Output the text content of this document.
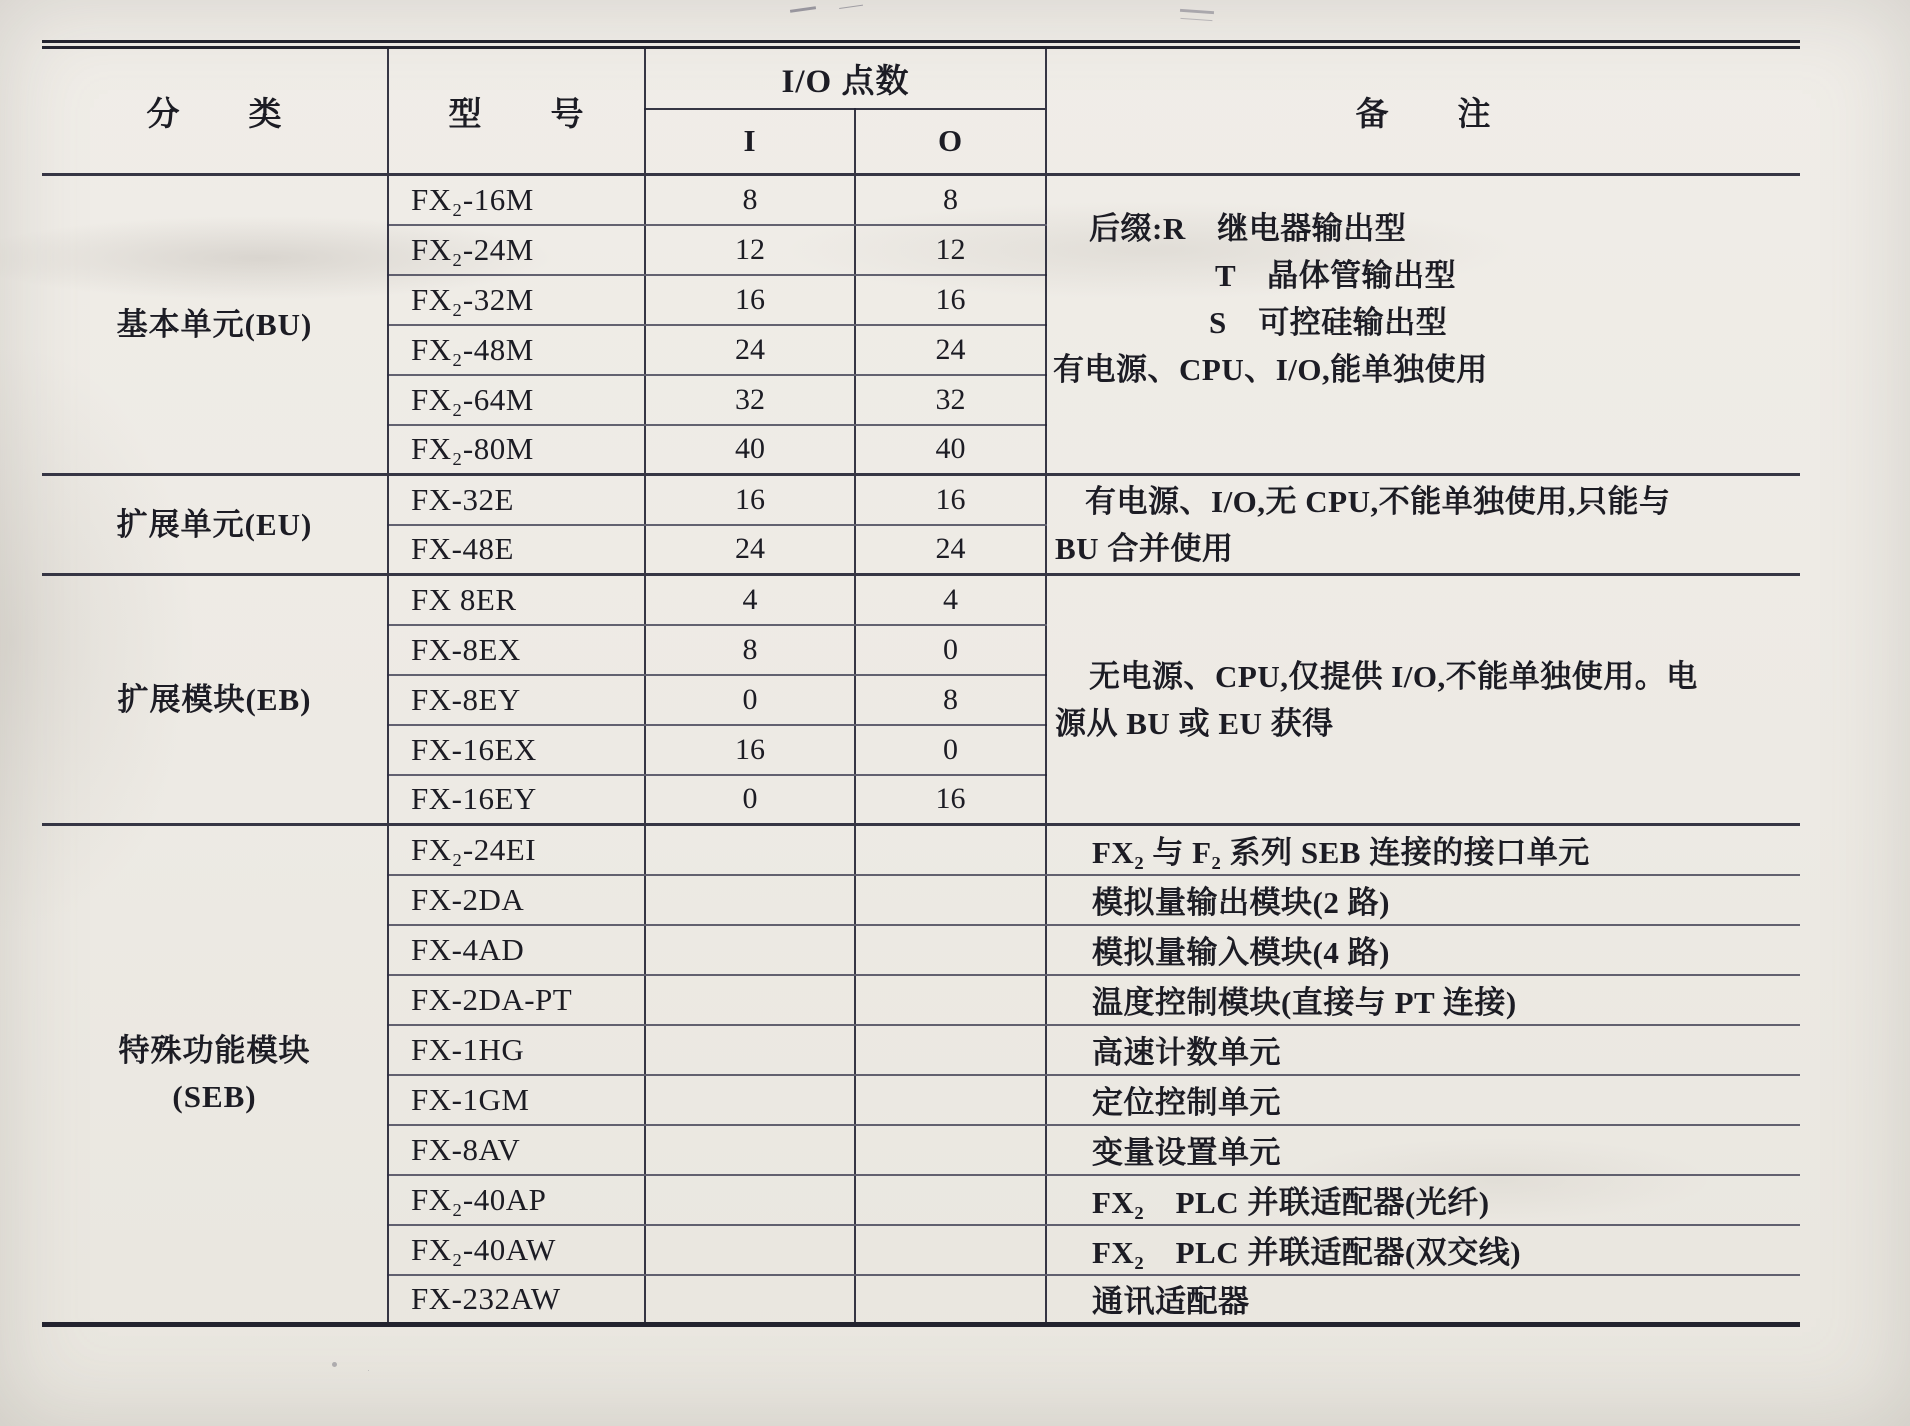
分　　类	型　　号	I/O 点数		备　　注
		I	O	

基本单元(BU)	FX₂-16M	8	8	后缀:R　继电器输出型
T　晶体管输出型
S　可控硅输出型
有电源、CPU、I/O,能单独使用

	FX₂-24M	12	12	
	FX₂-32M	16	16	
	FX₂-48M	24	24	
	FX₂-64M	32	32	
	FX₂-80M	40	40	

扩展单元(EU)	FX-32E	16	16	有电源、I/O,无 CPU,不能单独使用,只能与
BU 合并使用

	FX-48E	24	24	

扩展模块(EB)	FX 8ER	4	4	无电源、CPU,仅提供 I/O,不能单独使用。电
源从 BU 或 EU 获得

	FX-8EX	8	0	
	FX-8EY	0	8	
	FX-16EX	16	0	
	FX-16EY	0	16	

特殊功能模块
(SEB)	FX₂-24EI			FX₂ 与 F₂ 系列 SEB 连接的接口单元
	FX-2DA			模拟量输出模块(2 路)
	FX-4AD			模拟量输入模块(4 路)
	FX-2DA-PT			温度控制模块(直接与 PT 连接)
	FX-1HG			高速计数单元
	FX-1GM			定位控制单元
	FX-8AV			变量设置单元
	FX₂-40AP			FX₂　PLC 并联适配器(光纤)
	FX₂-40AW			FX₂　PLC 并联适配器(双交线)
	FX-232AW			通讯适配器
